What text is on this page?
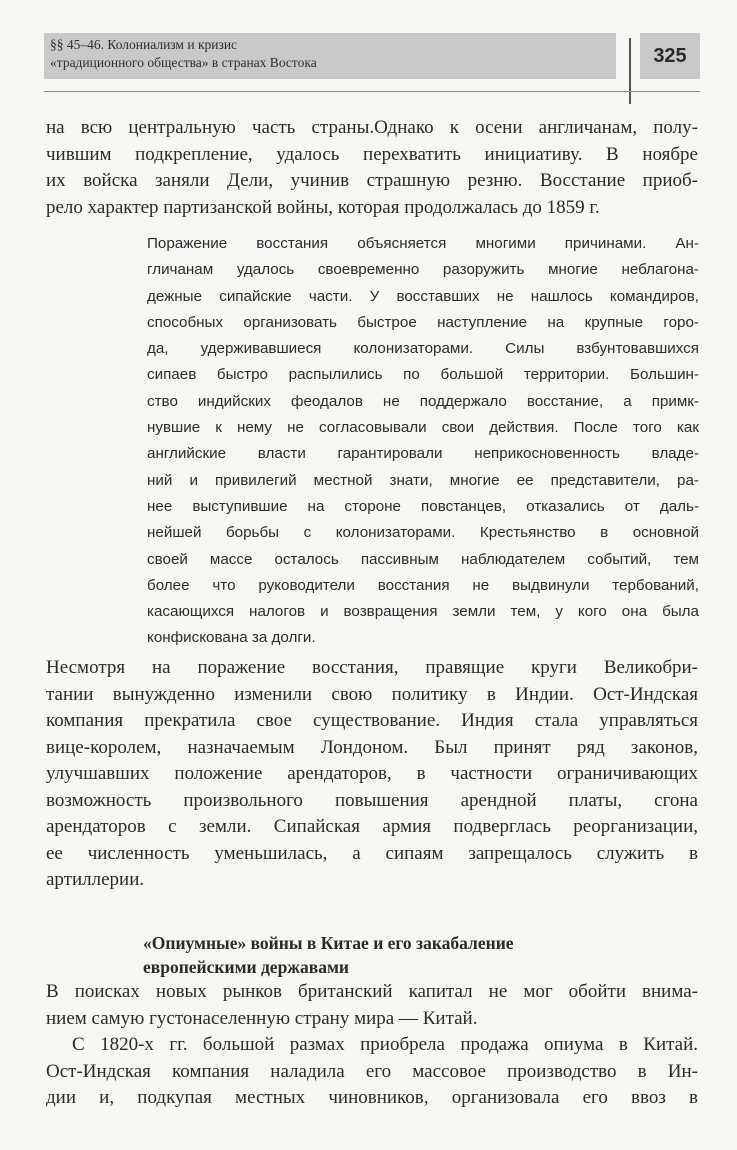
§§ 45–46. Колониализм и кризис
«традиционного общества» в странах Востока	325
на всю центральную часть страны.Однако к осени англичанам, полу-
чившим подкрепление, удалось перехватить инициативу. В ноябре
их войска заняли Дели, учинив страшную резню. Восстание приоб-
рело характер партизанской войны, которая продолжалась до 1859 г.
Поражение восстания объясняется многими причинами. Ан-
гличанам удалось своевременно разоружить многие неблагона-
дежные сипайские части. У восставших не нашлось командиров,
способных организовать быстрое наступление на крупные горо-
да, удерживавшиеся колонизаторами. Силы взбунтовавшихся
сипаев быстро распылились по большой территории. Большин-
ство индийских феодалов не поддержало восстание, а примк-
нувшие к нему не согласовывали свои действия. После того как
английские власти гарантировали неприкосновенность владе-
ний и привилегий местной знати, многие ее представители, ра-
нее выступившие на стороне повстанцев, отказались от даль-
нейшей борьбы с колонизаторами. Крестьянство в основной
своей массе осталось пассивным наблюдателем событий, тем
более что руководители восстания не выдвинули тербований,
касающихся налогов и возвращения земли тем, у кого она была
конфискована за долги.
Несмотря на поражение восстания, правящие круги Великобри-
тании вынужденно изменили свою политику в Индии. Ост-Индская
компания прекратила свое существование. Индия стала управляться
вице-королем, назначаемым Лондоном. Был принят ряд законов,
улучшавших положение арендаторов, в частности ограничивающих
возможность произвольного повышения арендной платы, сгона
арендаторов с земли. Сипайская армия подверглась реорганизации,
ее численность уменьшилась, а сипаям запрещалось служить в
артиллерии.
«Опиумные» войны в Китае и его закабаление
европейскими державами
В поисках новых рынков британский капитал не мог обойти внима-
нием самую густонаселенную страну мира — Китай.
С 1820-х гг. большой размах приобрела продажа опиума в Китай.
Ост-Индская компания наладила его массовое производство в Ин-
дии и, подкупая местных чиновников, организовала его ввоз в
